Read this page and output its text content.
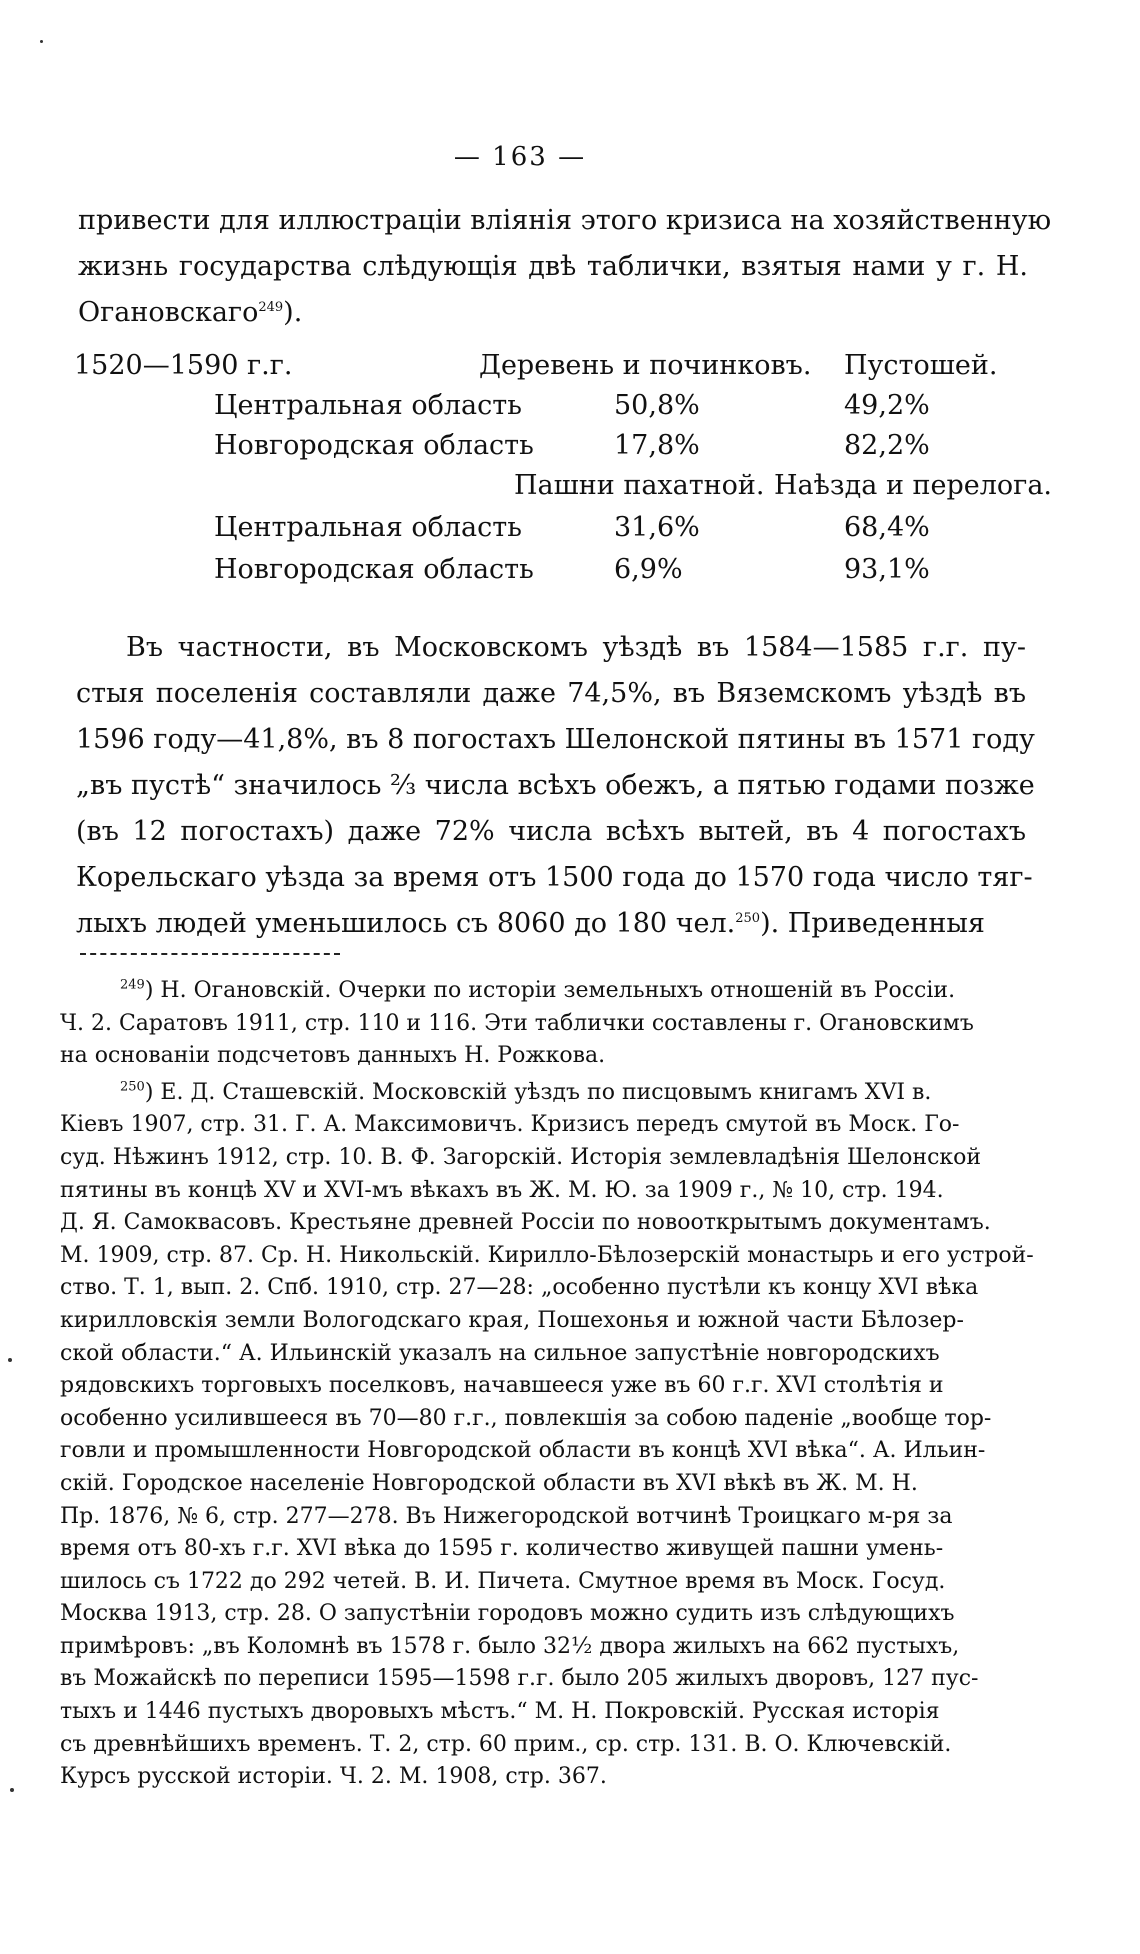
— 163 —
привести для иллюстраціи вліянія этого кризиса на хозяйственную
жизнь государства слѣдующія двѣ таблички, взятыя нами у г. Н.
Огановскаго$^{249}$).
1520—1590 г.г.	Деревень и починковъ. Пустошей.
Центральная область	50,8%	49,2%
Новгородская область	17,8%	82,2%
Пашни пахатной. Наѣзда и перелога.
Центральная область	31,6%	68,4%
Новгородская область	6,9%	93,1%
Въ частности, въ Московскомъ уѣздѣ въ 1584—1585 г.г. пу-
стыя поселенія составляли даже 74,5%, въ Вяземскомъ уѣздѣ въ
1596 году—41,8%, въ 8 погостахъ Шелонской пятины въ 1571 году
„въ пустѣ“ значилось ⅔ числа всѣхъ обежъ, а пятью годами позже
(въ 12 погостахъ) даже 72% числа всѣхъ вытей, въ 4 погостахъ
Корельскаго уѣзда за время отъ 1500 года до 1570 года число тяг-
лыхъ людей уменьшилось съ 8060 до 180 чел.$^{250}$). Приведенныя
$^{249}$) Н. Огановскій. Очерки по исторіи земельныхъ отношеній въ Россіи.
Ч. 2. Саратовъ 1911, стр. 110 и 116. Эти таблички составлены г. Огановскимъ
на основаніи подсчетовъ данныхъ Н. Рожкова.
$^{250}$) Е. Д. Сташевскій. Московскій уѣздъ по писцовымъ книгамъ XVI в.
Кіевъ 1907, стр. 31. Г. А. Максимовичъ. Кризисъ передъ смутой въ Моск. Го-
суд. Нѣжинъ 1912, стр. 10. В. Ф. Загорскій. Исторія землевладѣнія Шелонской
пятины въ концѣ XV и XVI-мъ вѣкахъ въ Ж. М. Ю. за 1909 г., № 10, стр. 194.
Д. Я. Самоквасовъ. Крестьяне древней Россіи по новооткрытымъ документамъ.
М. 1909, стр. 87. Ср. Н. Никольскій. Кирилло-Бѣлозерскій монастырь и его устрой-
ство. Т. 1, вып. 2. Спб. 1910, стр. 27—28: „особенно пустѣли къ концу XVI вѣка
кирилловскія земли Вологодскаго края, Пошехонья и южной части Бѣлозер-
ской области.“ А. Ильинскій указалъ на сильное запустѣніе новгородскихъ
рядовскихъ торговыхъ поселковъ, начавшееся уже въ 60 г.г. XVI столѣтія и
особенно усилившееся въ 70—80 г.г., повлекшія за собою паденіе „вообще тор-
говли и промышленности Новгородской области въ концѣ XVI вѣка“. А. Ильин-
скій. Городское населеніе Новгородской области въ XVI вѣкѣ въ Ж. М. Н.
Пр. 1876, № 6, стр. 277—278. Въ Нижегородской вотчинѣ Троицкаго м-ря за
время отъ 80-хъ г.г. XVI вѣка до 1595 г. количество живущей пашни умень-
шилось съ 1722 до 292 четей. В. И. Пичета. Смутное время въ Моск. Госуд.
Москва 1913, стр. 28. О запустѣніи городовъ можно судить изъ слѣдующихъ
примѣровъ: „въ Коломнѣ въ 1578 г. было 32½ двора жилыхъ на 662 пустыхъ,
въ Можайскѣ по переписи 1595—1598 г.г. было 205 жилыхъ дворовъ, 127 пус-
тыхъ и 1446 пустыхъ дворовыхъ мѣстъ.“ М. Н. Покровскій. Русская исторія
съ древнѣйшихъ временъ. Т. 2, стр. 60 прим., ср. стр. 131. В. О. Ключевскій.
Курсъ русской исторіи. Ч. 2. М. 1908, стр. 367.
